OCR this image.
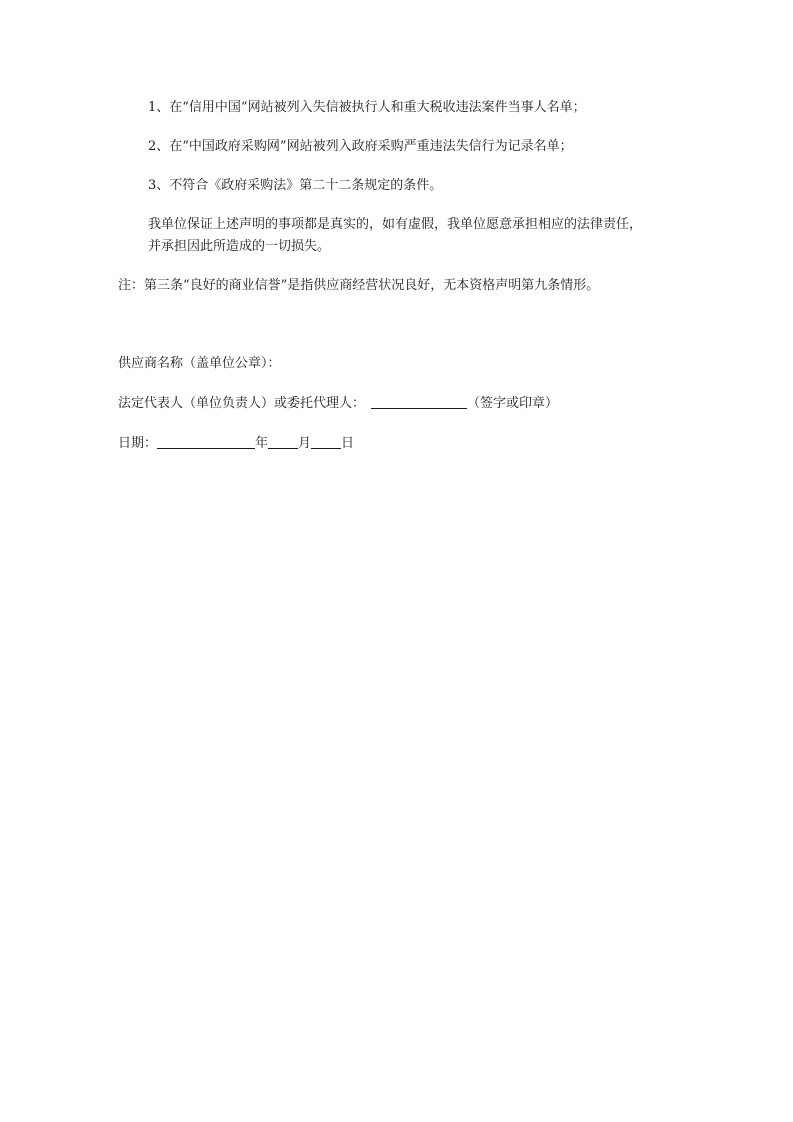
1、在“信用中国”网站被列入失信被执行人和重大税收违法案件当事人名单；
2、在“中国政府采购网”网站被列入政府采购严重违法失信行为记录名单；
3、不符合《政府采购法》第二十二条规定的条件。
我单位保证上述声明的事项都是真实的，如有虚假，我单位愿意承担相应的法律责任，
并承担因此所造成的一切损失。
注：第三条“良好的商业信誉”是指供应商经营状况良好，无本资格声明第九条情形。
供应商名称（盖单位公章）：
法定代表人（单位负责人）或委托代理人：	（签字或印章）
日期：	年 月 日
